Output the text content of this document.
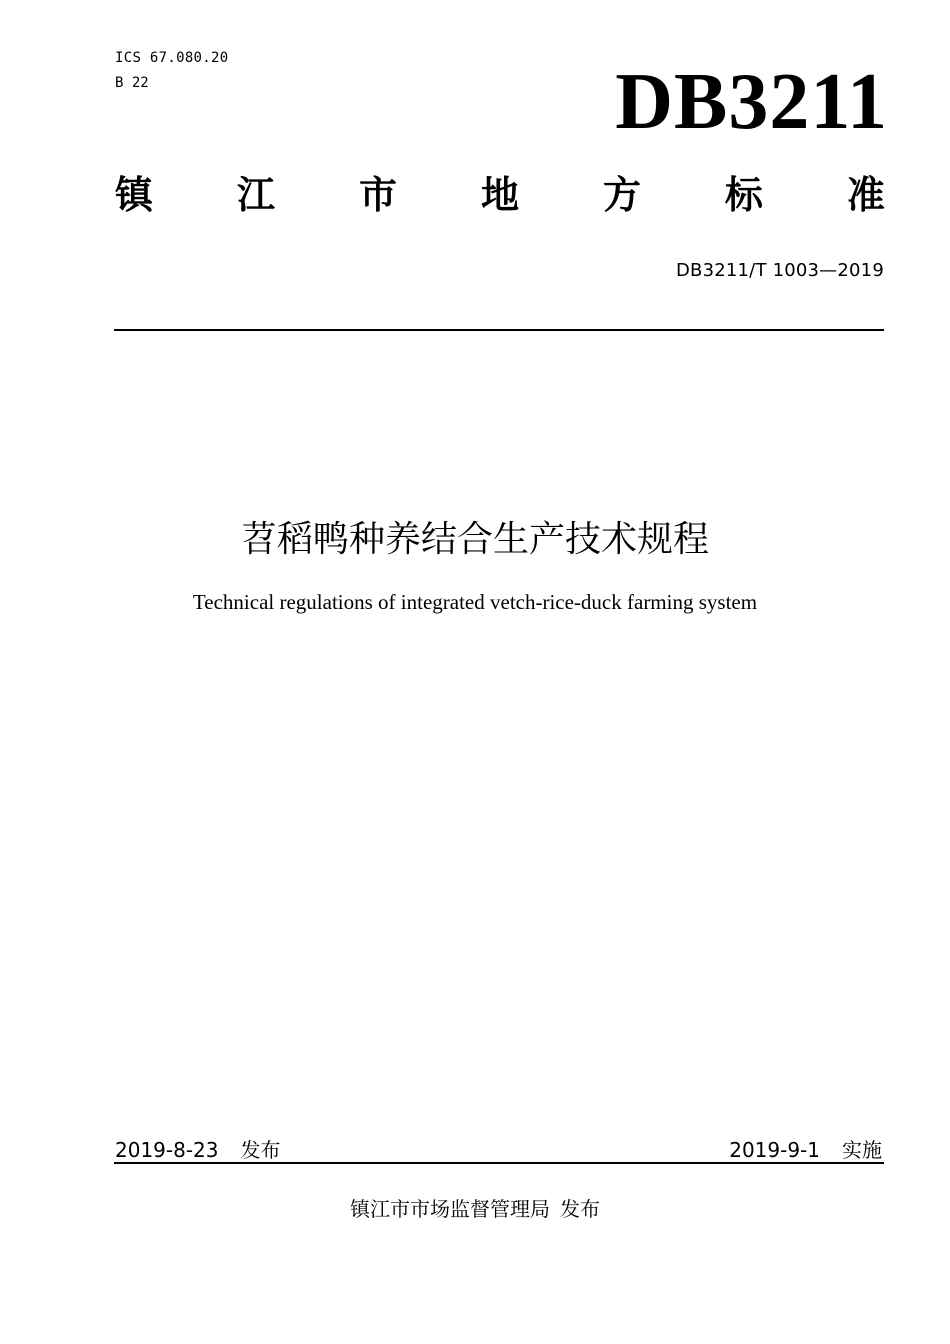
ICS 67.080.20
B 22	DB3211
镇 江 市 地 方 标 准
DB3211/T 1003—2019
苕稻鸭种养结合生产技术规程
Technical regulations of integrated vetch-rice-duck farming system
2019-8-23 发布	2019-9-1 实施
镇江市市场监督管理局 发布
